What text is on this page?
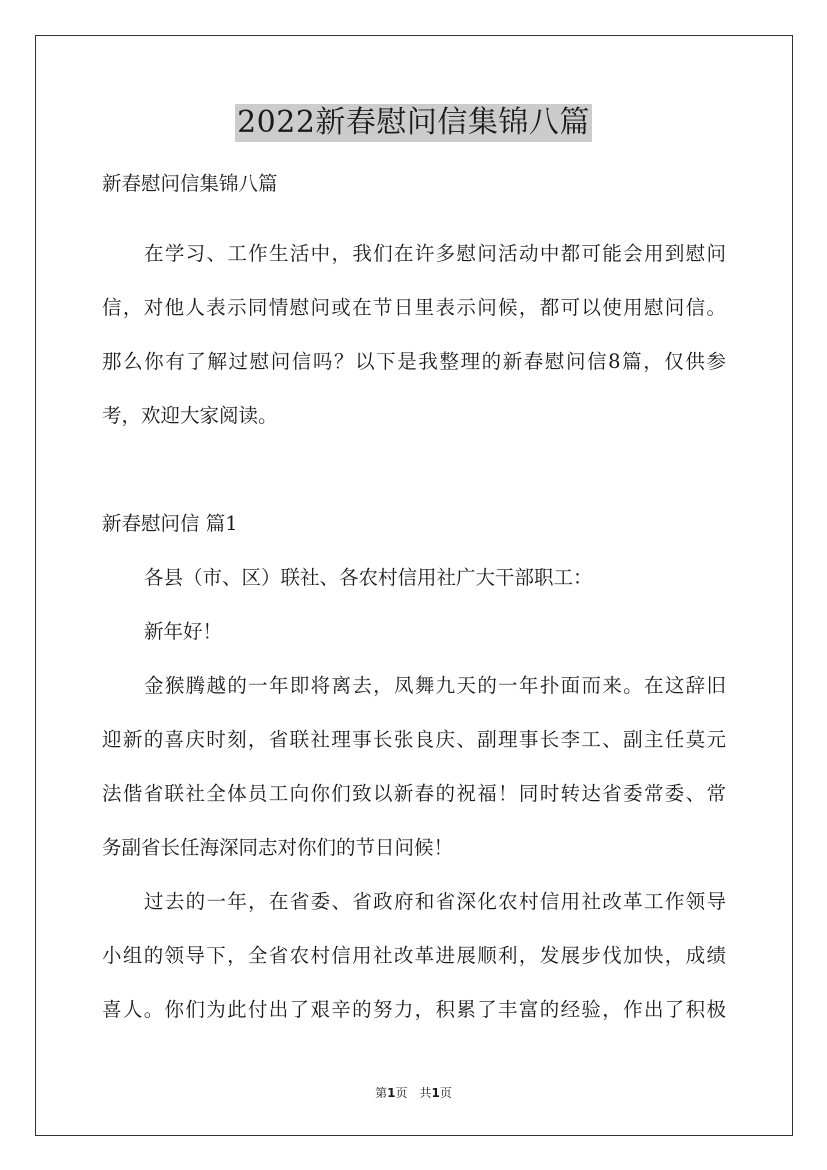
2022新春慰问信集锦八篇
新春慰问信集锦八篇
在学习、工作生活中，我们在许多慰问活动中都可能会用到慰问
信，对他人表示同情慰问或在节日里表示问候，都可以使用慰问信。
那么你有了解过慰问信吗？以下是我整理的新春慰问信8篇，仅供参
考，欢迎大家阅读。
新春慰问信 篇1
各县（市、区）联社、各农村信用社广大干部职工：
新年好！
金猴腾越的一年即将离去，凤舞九天的一年扑面而来。在这辞旧
迎新的喜庆时刻，省联社理事长张良庆、副理事长李工、副主任莫元
法偕省联社全体员工向你们致以新春的祝福！同时转达省委常委、常
务副省长任海深同志对你们的节日问候！
过去的一年，在省委、省政府和省深化农村信用社改革工作领导
小组的领导下，全省农村信用社改革进展顺利，发展步伐加快，成绩
喜人。你们为此付出了艰辛的努力，积累了丰富的经验，作出了积极
第1页　共1页
